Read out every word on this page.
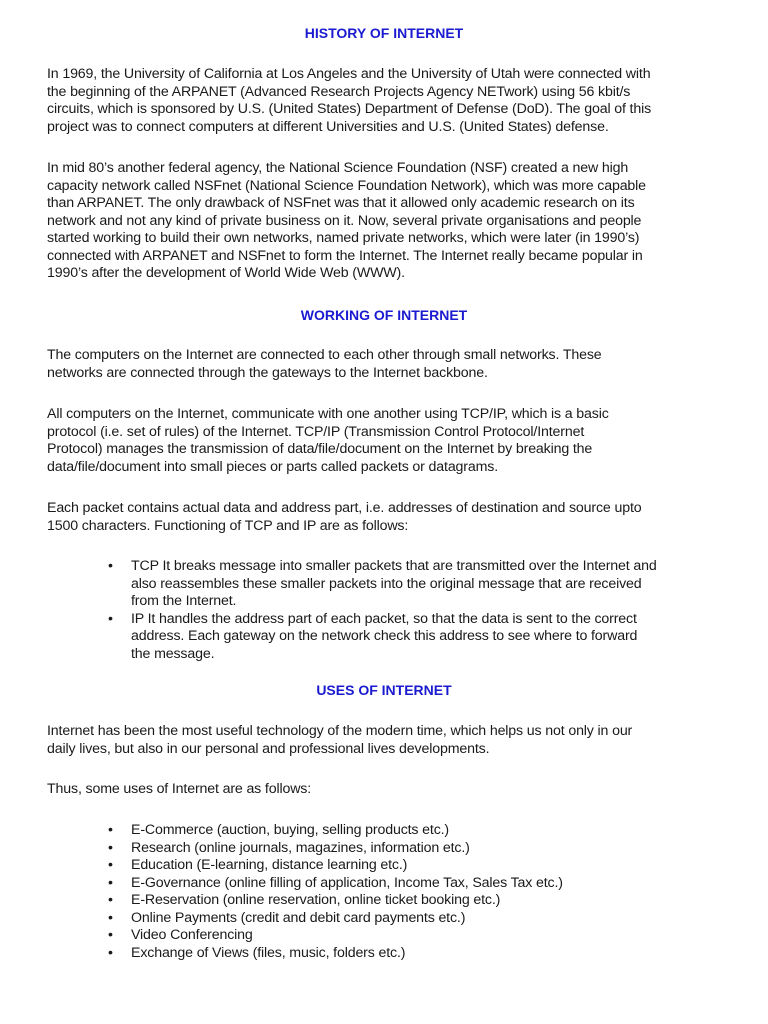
HISTORY OF INTERNET
In 1969, the University of California at Los Angeles and the University of Utah were connected with
the beginning of the ARPANET (Advanced Research Projects Agency NETwork) using 56 kbit/s
circuits, which is sponsored by U.S. (United States) Department of Defense (DoD). The goal of this
project was to connect computers at different Universities and U.S. (United States) defense.
In mid 80’s another federal agency, the National Science Foundation (NSF) created a new high
capacity network called NSFnet (National Science Foundation Network), which was more capable
than ARPANET. The only drawback of NSFnet was that it allowed only academic research on its
network and not any kind of private business on it. Now, several private organisations and people
started working to build their own networks, named private networks, which were later (in 1990’s)
connected with ARPANET and NSFnet to form the Internet. The Internet really became popular in
1990’s after the development of World Wide Web (WWW).
WORKING OF INTERNET
The computers on the Internet are connected to each other through small networks. These
networks are connected through the gateways to the Internet backbone.
All computers on the Internet, communicate with one another using TCP/IP, which is a basic
protocol (i.e. set of rules) of the Internet. TCP/IP (Transmission Control Protocol/Internet
Protocol) manages the transmission of data/file/document on the Internet by breaking the
data/file/document into small pieces or parts called packets or datagrams.
Each packet contains actual data and address part, i.e. addresses of destination and source upto
1500 characters. Functioning of TCP and IP are as follows:
• TCP It breaks message into smaller packets that are transmitted over the Internet and
also reassembles these smaller packets into the original message that are received
from the Internet.
• IP It handles the address part of each packet, so that the data is sent to the correct
address. Each gateway on the network check this address to see where to forward
the message.
USES OF INTERNET
Internet has been the most useful technology of the modern time, which helps us not only in our
daily lives, but also in our personal and professional lives developments.
Thus, some uses of Internet are as follows:
• E-Commerce (auction, buying, selling products etc.)
• Research (online journals, magazines, information etc.)
• Education (E-learning, distance learning etc.)
• E-Governance (online filling of application, Income Tax, Sales Tax etc.)
• E-Reservation (online reservation, online ticket booking etc.)
• Online Payments (credit and debit card payments etc.)
• Video Conferencing
• Exchange of Views (files, music, folders etc.)
